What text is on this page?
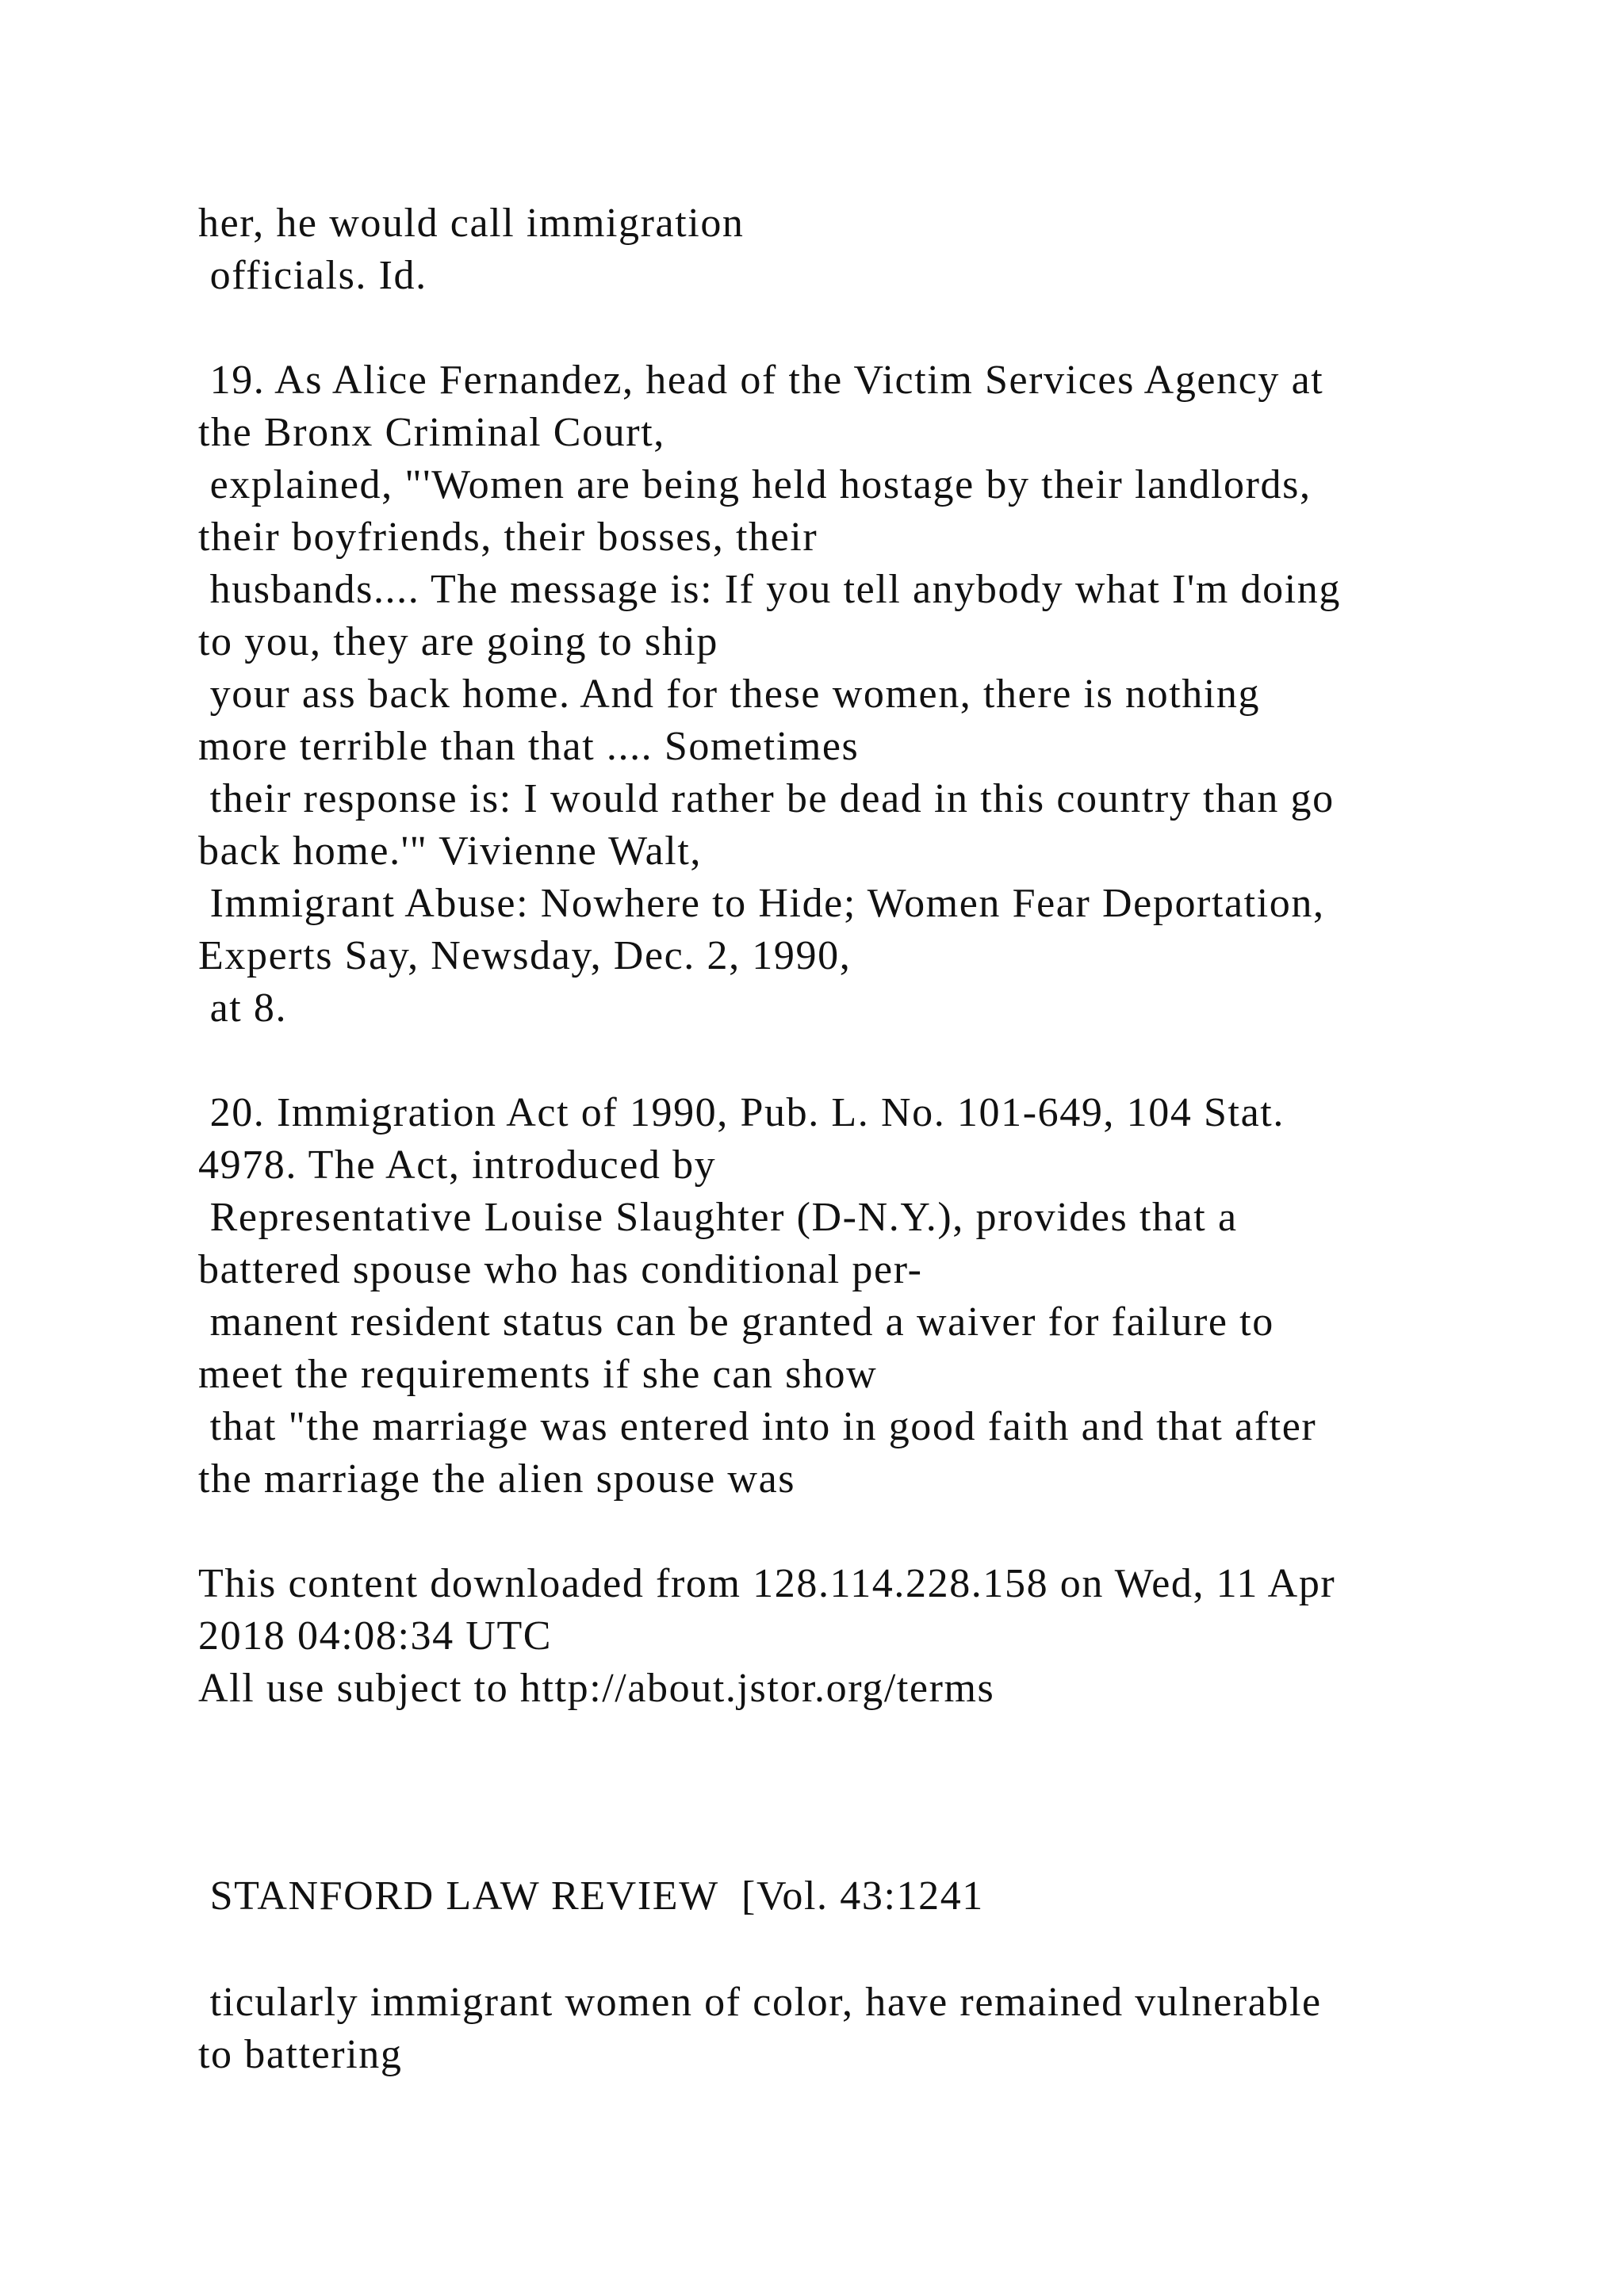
her, he would call immigration
officials. Id.
19. As Alice Fernandez, head of the Victim Services Agency at
the Bronx Criminal Court,
explained, "'Women are being held hostage by their landlords,
their boyfriends, their bosses, their
husbands.... The message is: If you tell anybody what I'm doing
to you, they are going to ship
your ass back home. And for these women, there is nothing
more terrible than that .... Sometimes
their response is: I would rather be dead in this country than go
back home.'" Vivienne Walt,
Immigrant Abuse: Nowhere to Hide; Women Fear Deportation,
Experts Say, Newsday, Dec. 2, 1990,
at 8.
20. Immigration Act of 1990, Pub. L. No. 101-649, 104 Stat.
4978. The Act, introduced by
Representative Louise Slaughter (D-N.Y.), provides that a
battered spouse who has conditional per-
manent resident status can be granted a waiver for failure to
meet the requirements if she can show
that "the marriage was entered into in good faith and that after
the marriage the alien spouse was
This content downloaded from 128.114.228.158 on Wed, 11 Apr
2018 04:08:34 UTC
All use subject to http://about.jstor.org/terms
STANFORD LAW REVIEW  [Vol. 43:1241
ticularly immigrant women of color, have remained vulnerable
to battering
